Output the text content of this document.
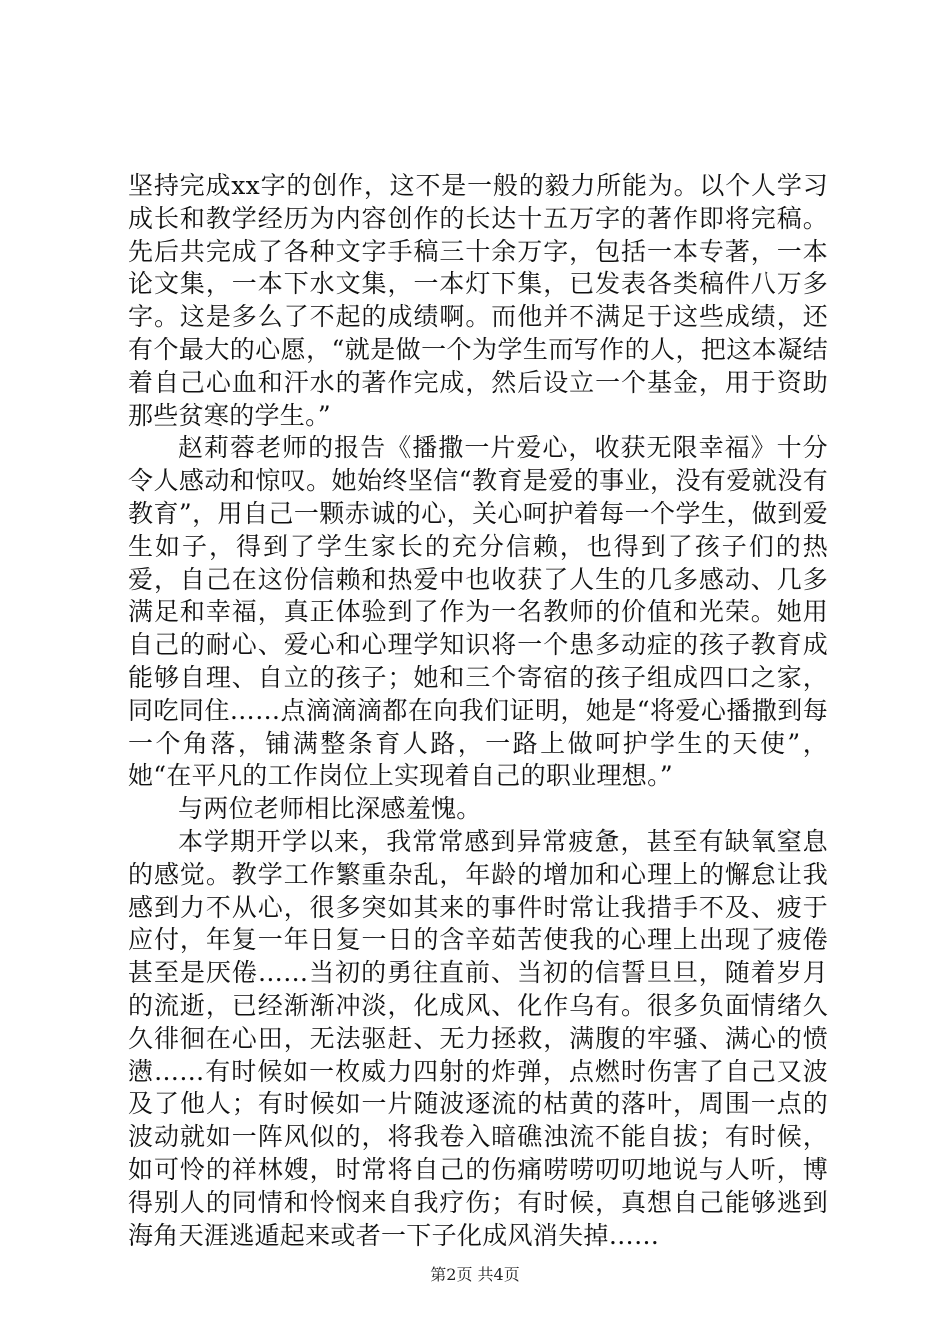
坚持完成xx字的创作，这不是一般的毅力所能为。以个人学习成长和教学经历为内容创作的长达十五万字的著作即将完稿。先后共完成了各种文字手稿三十余万字，包括一本专著，一本论文集，一本下水文集，一本灯下集，已发表各类稿件八万多字。这是多么了不起的成绩啊。而他并不满足于这些成绩，还有个最大的心愿，“就是做一个为学生而写作的人，把这本凝结着自己心血和汗水的著作完成，然后设立一个基金，用于资助那些贫寒的学生。”

赵莉蓉老师的报告《播撒一片爱心，收获无限幸福》十分令人感动和惊叹。她始终坚信“教育是爱的事业，没有爱就没有教育”，用自己一颗赤诚的心，关心呵护着每一个学生，做到爱生如子，得到了学生家长的充分信赖，也得到了孩子们的热爱，自己在这份信赖和热爱中也收获了人生的几多感动、几多满足和幸福，真正体验到了作为一名教师的价值和光荣。她用自己的耐心、爱心和心理学知识将一个患多动症的孩子教育成能够自理、自立的孩子；她和三个寄宿的孩子组成四口之家，同吃同住……点滴滴滴都在向我们证明，她是“将爱心播撒到每一个角落，铺满整条育人路，一路上做呵护学生的天使”，她“在平凡的工作岗位上实现着自己的职业理想。”

与两位老师相比深感羞愧。

本学期开学以来，我常常感到异常疲惫，甚至有缺氧窒息的感觉。教学工作繁重杂乱，年龄的增加和心理上的懈怠让我感到力不从心，很多突如其来的事件时常让我措手不及、疲于应付，年复一年日复一日的含辛茹苦使我的心理上出现了疲倦甚至是厌倦……当初的勇往直前、当初的信誓旦旦，随着岁月的流逝，已经渐渐冲淡，化成风、化作乌有。很多负面情绪久久徘徊在心田，无法驱赶、无力拯救，满腹的牢骚、满心的愤懑……有时候如一枚威力四射的炸弹，点燃时伤害了自己又波及了他人；有时候如一片随波逐流的枯黄的落叶，周围一点的波动就如一阵风似的，将我卷入暗礁浊流不能自拔；有时候，如可怜的祥林嫂，时常将自己的伤痛唠唠叨叨地说与人听，博得别人的同情和怜悯来自我疗伤；有时候，真想自己能够逃到海角天涯逃遁起来或者一下子化成风消失掉……

第2页 共4页
